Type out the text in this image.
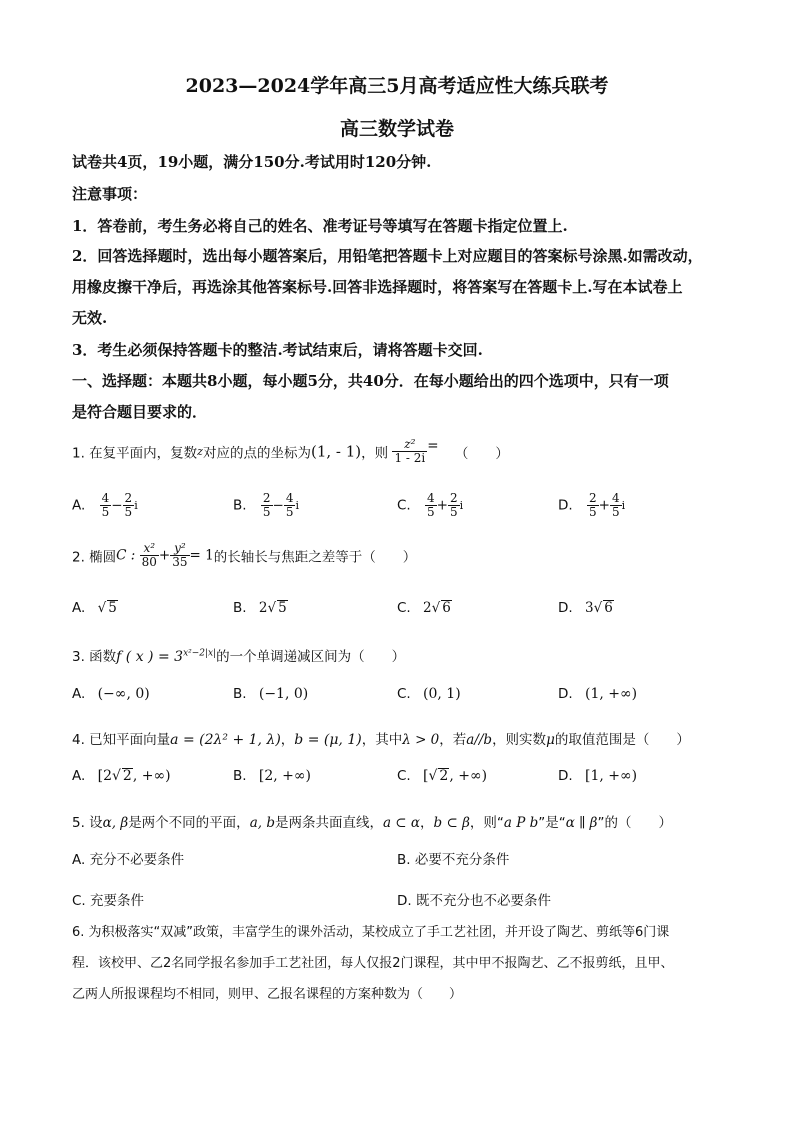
2023—2024学年高三5月高考适应性大练兵联考
高三数学试卷
试卷共4页，19小题，满分150分.考试用时120分钟.
注意事项：
1．答卷前，考生务必将自己的姓名、准考证号等填写在答题卡指定位置上.
2．回答选择题时，选出每小题答案后，用铅笔把答题卡上对应题目的答案标号涂黑.如需改动，
用橡皮擦干净后，再选涂其他答案标号.回答非选择题时，将答案写在答题卡上.写在本试卷上
无效.
3．考生必须保持答题卡的整洁.考试结束后，请将答题卡交回.
一、选择题：本题共8小题，每小题5分，共40分．在每小题给出的四个选项中，只有一项
是符合题目要求的．
1. 在复平面内，复数z对应的点的坐标为(1, - 1)，则 $\frac{\text{z²}}{1 - 2i}$ = （　　）
A. $\frac{4}{5} - \frac{2}{5}$ i	B. $\frac{2}{5} - \frac{4}{5}$ i	C. $\frac{4}{5} + \frac{2}{5}$ i	D. $\frac{2}{5} + \frac{4}{5}$ i
2. 椭圆C : $\frac{\text{x²}}{80} + \frac{\text{y²}}{35} = 1$的长轴长与焦距之差等于（　　）
A. √ 5	B. 2√ 5	C. 2√ 6	D. 3√ 6
3. 函数f ( x ) = $3^{x^2-2|x|}$的一个单调递减区间为（　　）
A. (−∞, 0)	B. (−1, 0)	C. (0, 1)	D. (1, +∞)
4. 已知平面向量a = (2λ² + 1, λ)，b = (μ, 1)，其中λ > 0，若a//b，则实数μ的取值范围是（　　）
A. [2√ 2, +∞)	B. [2, +∞)	C. [√ 2, +∞)	D. [1, +∞)
5. 设α, β是两个不同的平面，a, b是两条共面直线，a ⊂ α，b ⊂ β，则“a P b”是“α ∥ β”的（　　）
A. 充分不必要条件	B. 必要不充分条件
C. 充要条件	D. 既不充分也不必要条件
6. 为积极落实“双减”政策，丰富学生的课外活动，某校成立了手工艺社团，并开设了陶艺、剪纸等6门课
程．该校甲、乙2名同学报名参加手工艺社团，每人仅报2门课程，其中甲不报陶艺、乙不报剪纸，且甲、
乙两人所报课程均不相同，则甲、乙报名课程的方案种数为（　　）
